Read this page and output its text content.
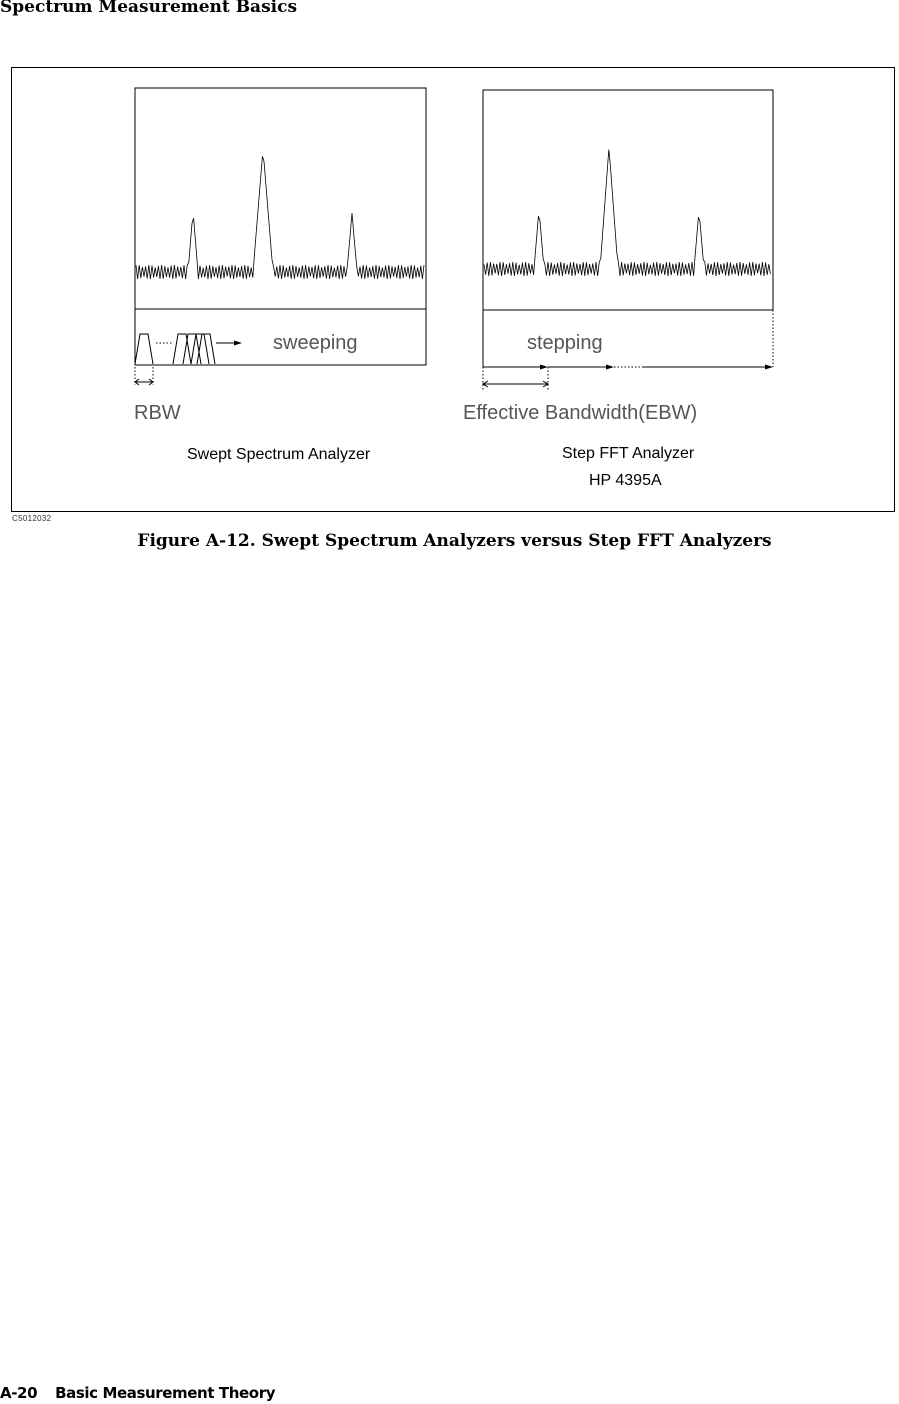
Spectrum Measurement Basics
sweeping
RBW
Swept Spectrum Analyzer
stepping
Effective Bandwidth(EBW)
Step FFT Analyzer
HP 4395A
C5012032
Figure A-12. Swept Spectrum Analyzers versus Step FFT Analyzers
A-20 Basic Measurement Theory
